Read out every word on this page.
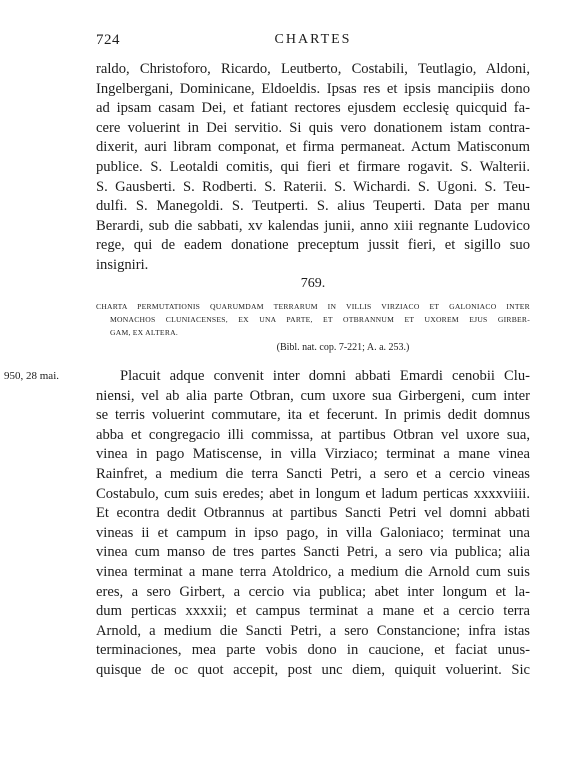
CHARTES
724
raldo, Christoforo, Ricardo, Leutberto, Costabili, Teutlagio, Aldoni,
Ingelbergani, Dominicane, Eldoeldis. Ipsas res et ipsis mancipiis dono
ad ipsam casam Dei, et fatiant rectores ejusdem ecclesię quicquid fa-
cere voluerint in Dei servitio. Si quis vero donationem istam contra-
dixerit, auri libram componat, et firma permaneat. Actum Matisconum
publice. S. Leotaldi comitis, qui fieri et firmare rogavit. S. Walterii.
S. Gausberti. S. Rodberti. S. Raterii. S. Wichardi. S. Ugoni. S. Teu-
dulfi. S. Manegoldi. S. Teutperti. S. alius Teuperti. Data per manu
Berardi, sub die sabbati, xv kalendas junii, anno xiii regnante Ludovico
rege, qui de eadem donatione preceptum jussit fieri, et sigillo suo
insigniri.
769.
CHARTA PERMUTATIONIS QUARUMDAM TERRARUM IN VILLIS VIRZIACO ET GALONIACO INTER
MONACHOS CLUNIACENSES, EX UNA PARTE, ET OTBRANNUM ET UXOREM EJUS GIRBER-
GAM, EX ALTERA.
(Bibl. nat. cop. 7-221; A. a. 253.)
950, 28 mai.	Placuit adque convenit inter domni abbati Emardi cenobii Clu-
niensi, vel ab alia parte Otbran, cum uxore sua Girbergeni, cum inter
se terris voluerint commutare, ita et fecerunt. In primis dedit domnus
abba et congregacio illi commissa, at partibus Otbran vel uxore sua,
vinea in pago Matiscense, in villa Virziaco; terminat a mane vinea
Rainfret, a medium die terra Sancti Petri, a sero et a cercio vineas
Costabulo, cum suis eredes; abet in longum et ladum perticas xxxxviiii.
Et econtra dedit Otbrannus at partibus Sancti Petri vel domni abbati
vineas ii et campum in ipso pago, in villa Galoniaco; terminat una
vinea cum manso de tres partes Sancti Petri, a sero via publica; alia
vinea terminat a mane terra Atoldrico, a medium die Arnold cum suis
eres, a sero Girbert, a cercio via publica; abet inter longum et la-
dum perticas xxxxii; et campus terminat a mane et a cercio terra
Arnold, a medium die Sancti Petri, a sero Constancione; infra istas
terminaciones, mea parte vobis dono in caucione, et faciat unus-
quisque de oc quot accepit, post unc diem, quiquit voluerint. Sic
